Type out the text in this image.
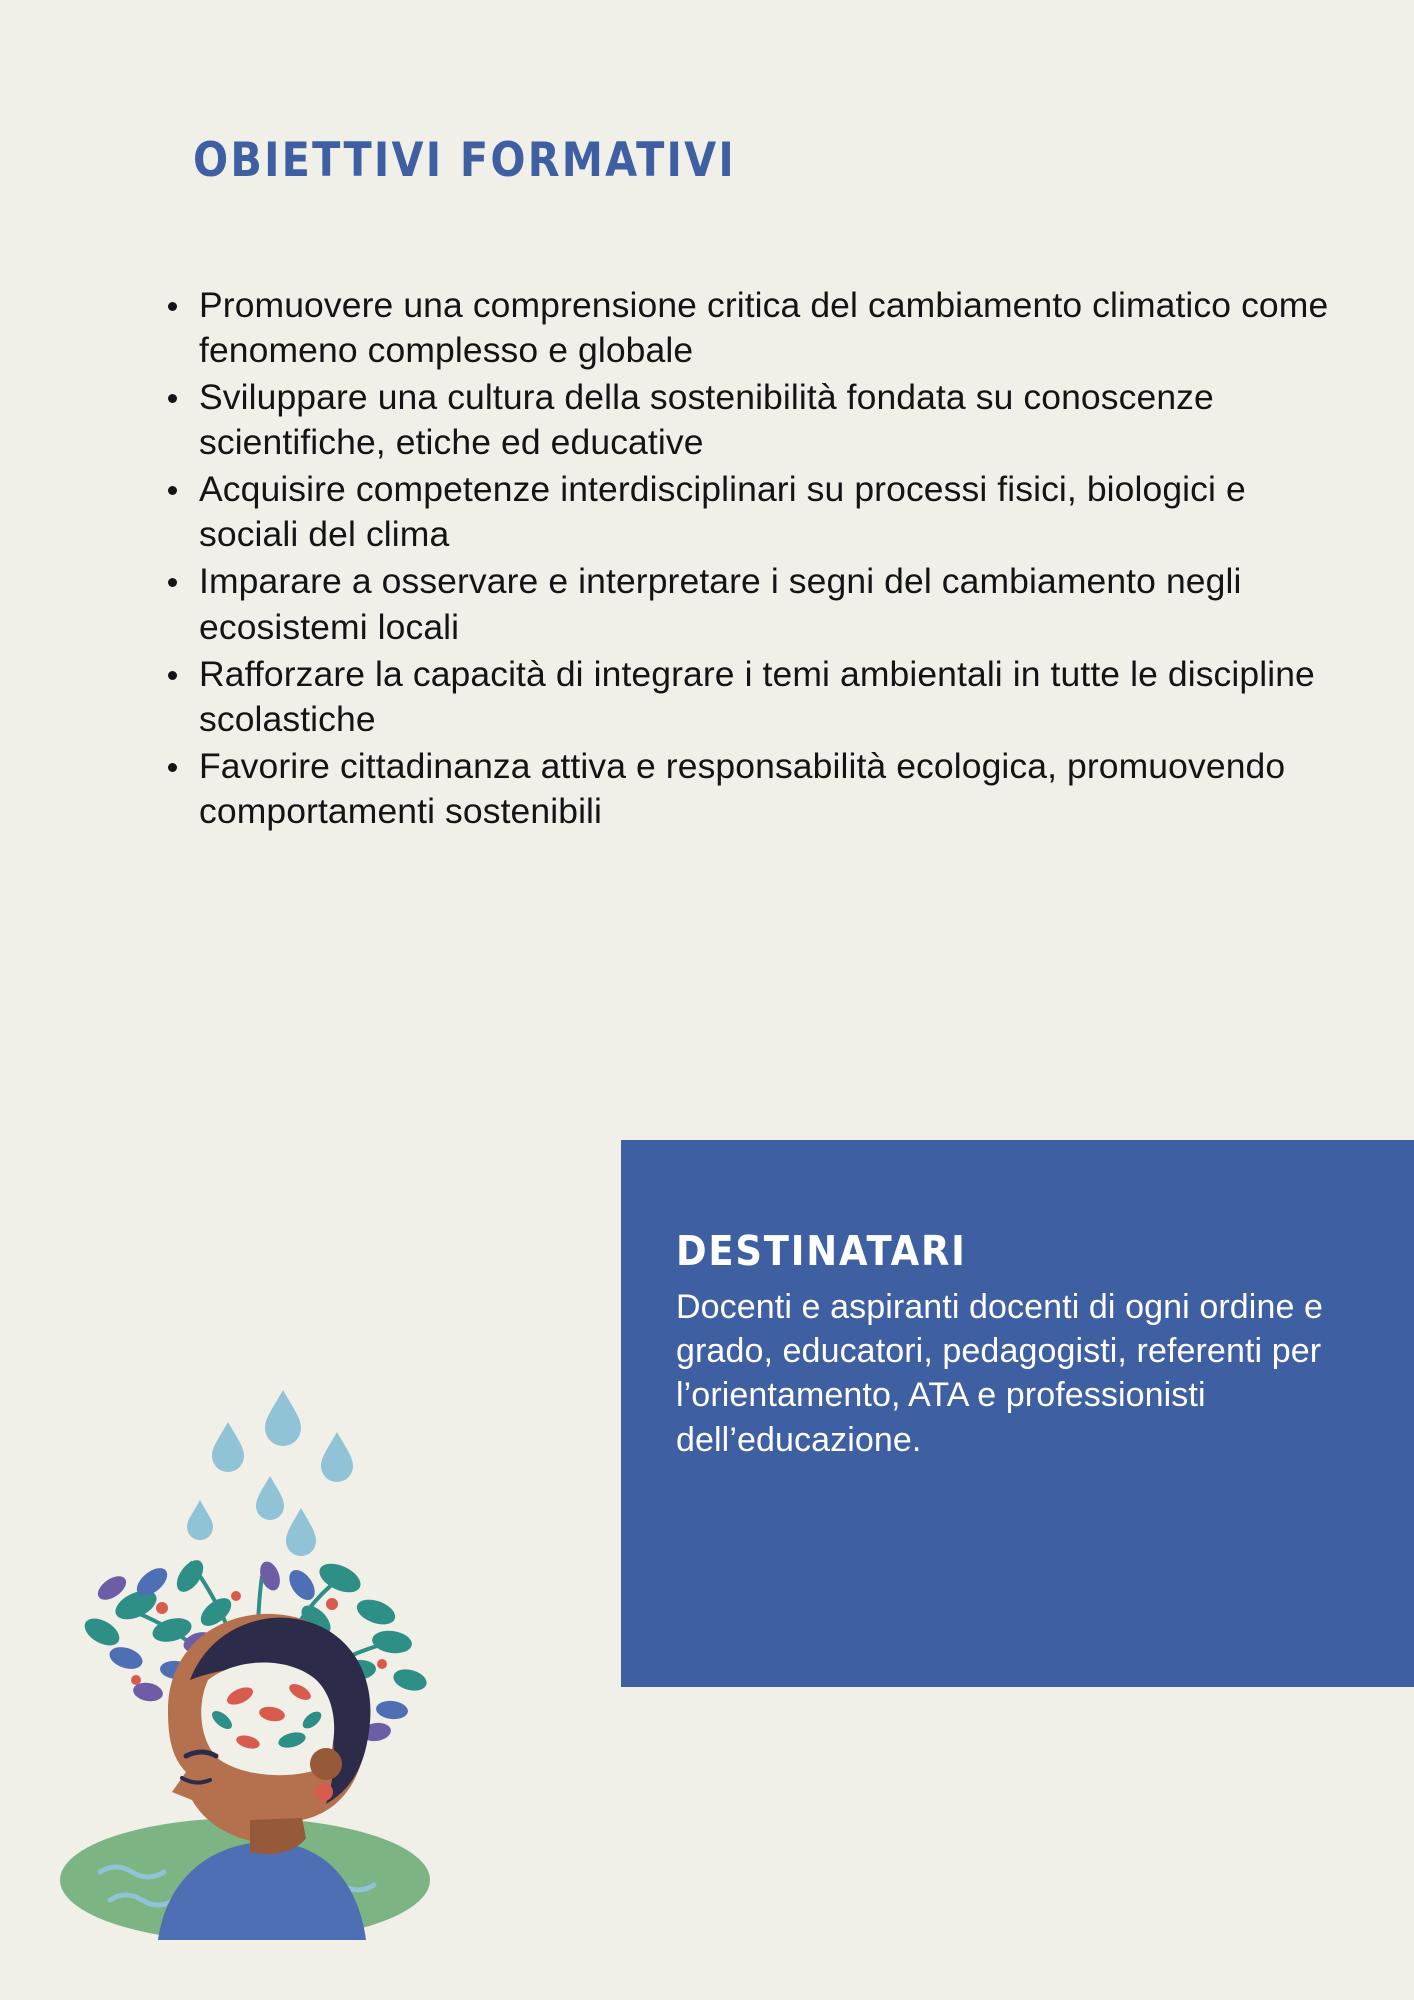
OBIETTIVI FORMATIVI
Promuovere una comprensione critica del cambiamento climatico come fenomeno complesso e globale
Sviluppare una cultura della sostenibilità fondata su conoscenze scientifiche, etiche ed educative
Acquisire competenze interdisciplinari su processi fisici, biologici e sociali del clima
Imparare a osservare e interpretare i segni del cambiamento negli ecosistemi locali
Rafforzare la capacità di integrare i temi ambientali in tutte le discipline scolastiche
Favorire cittadinanza attiva e responsabilità ecologica, promuovendo comportamenti sostenibili
DESTINATARI
Docenti e aspiranti docenti di ogni ordine e grado, educatori, pedagogisti, referenti per l’orientamento, ATA e professionisti dell’educazione.
